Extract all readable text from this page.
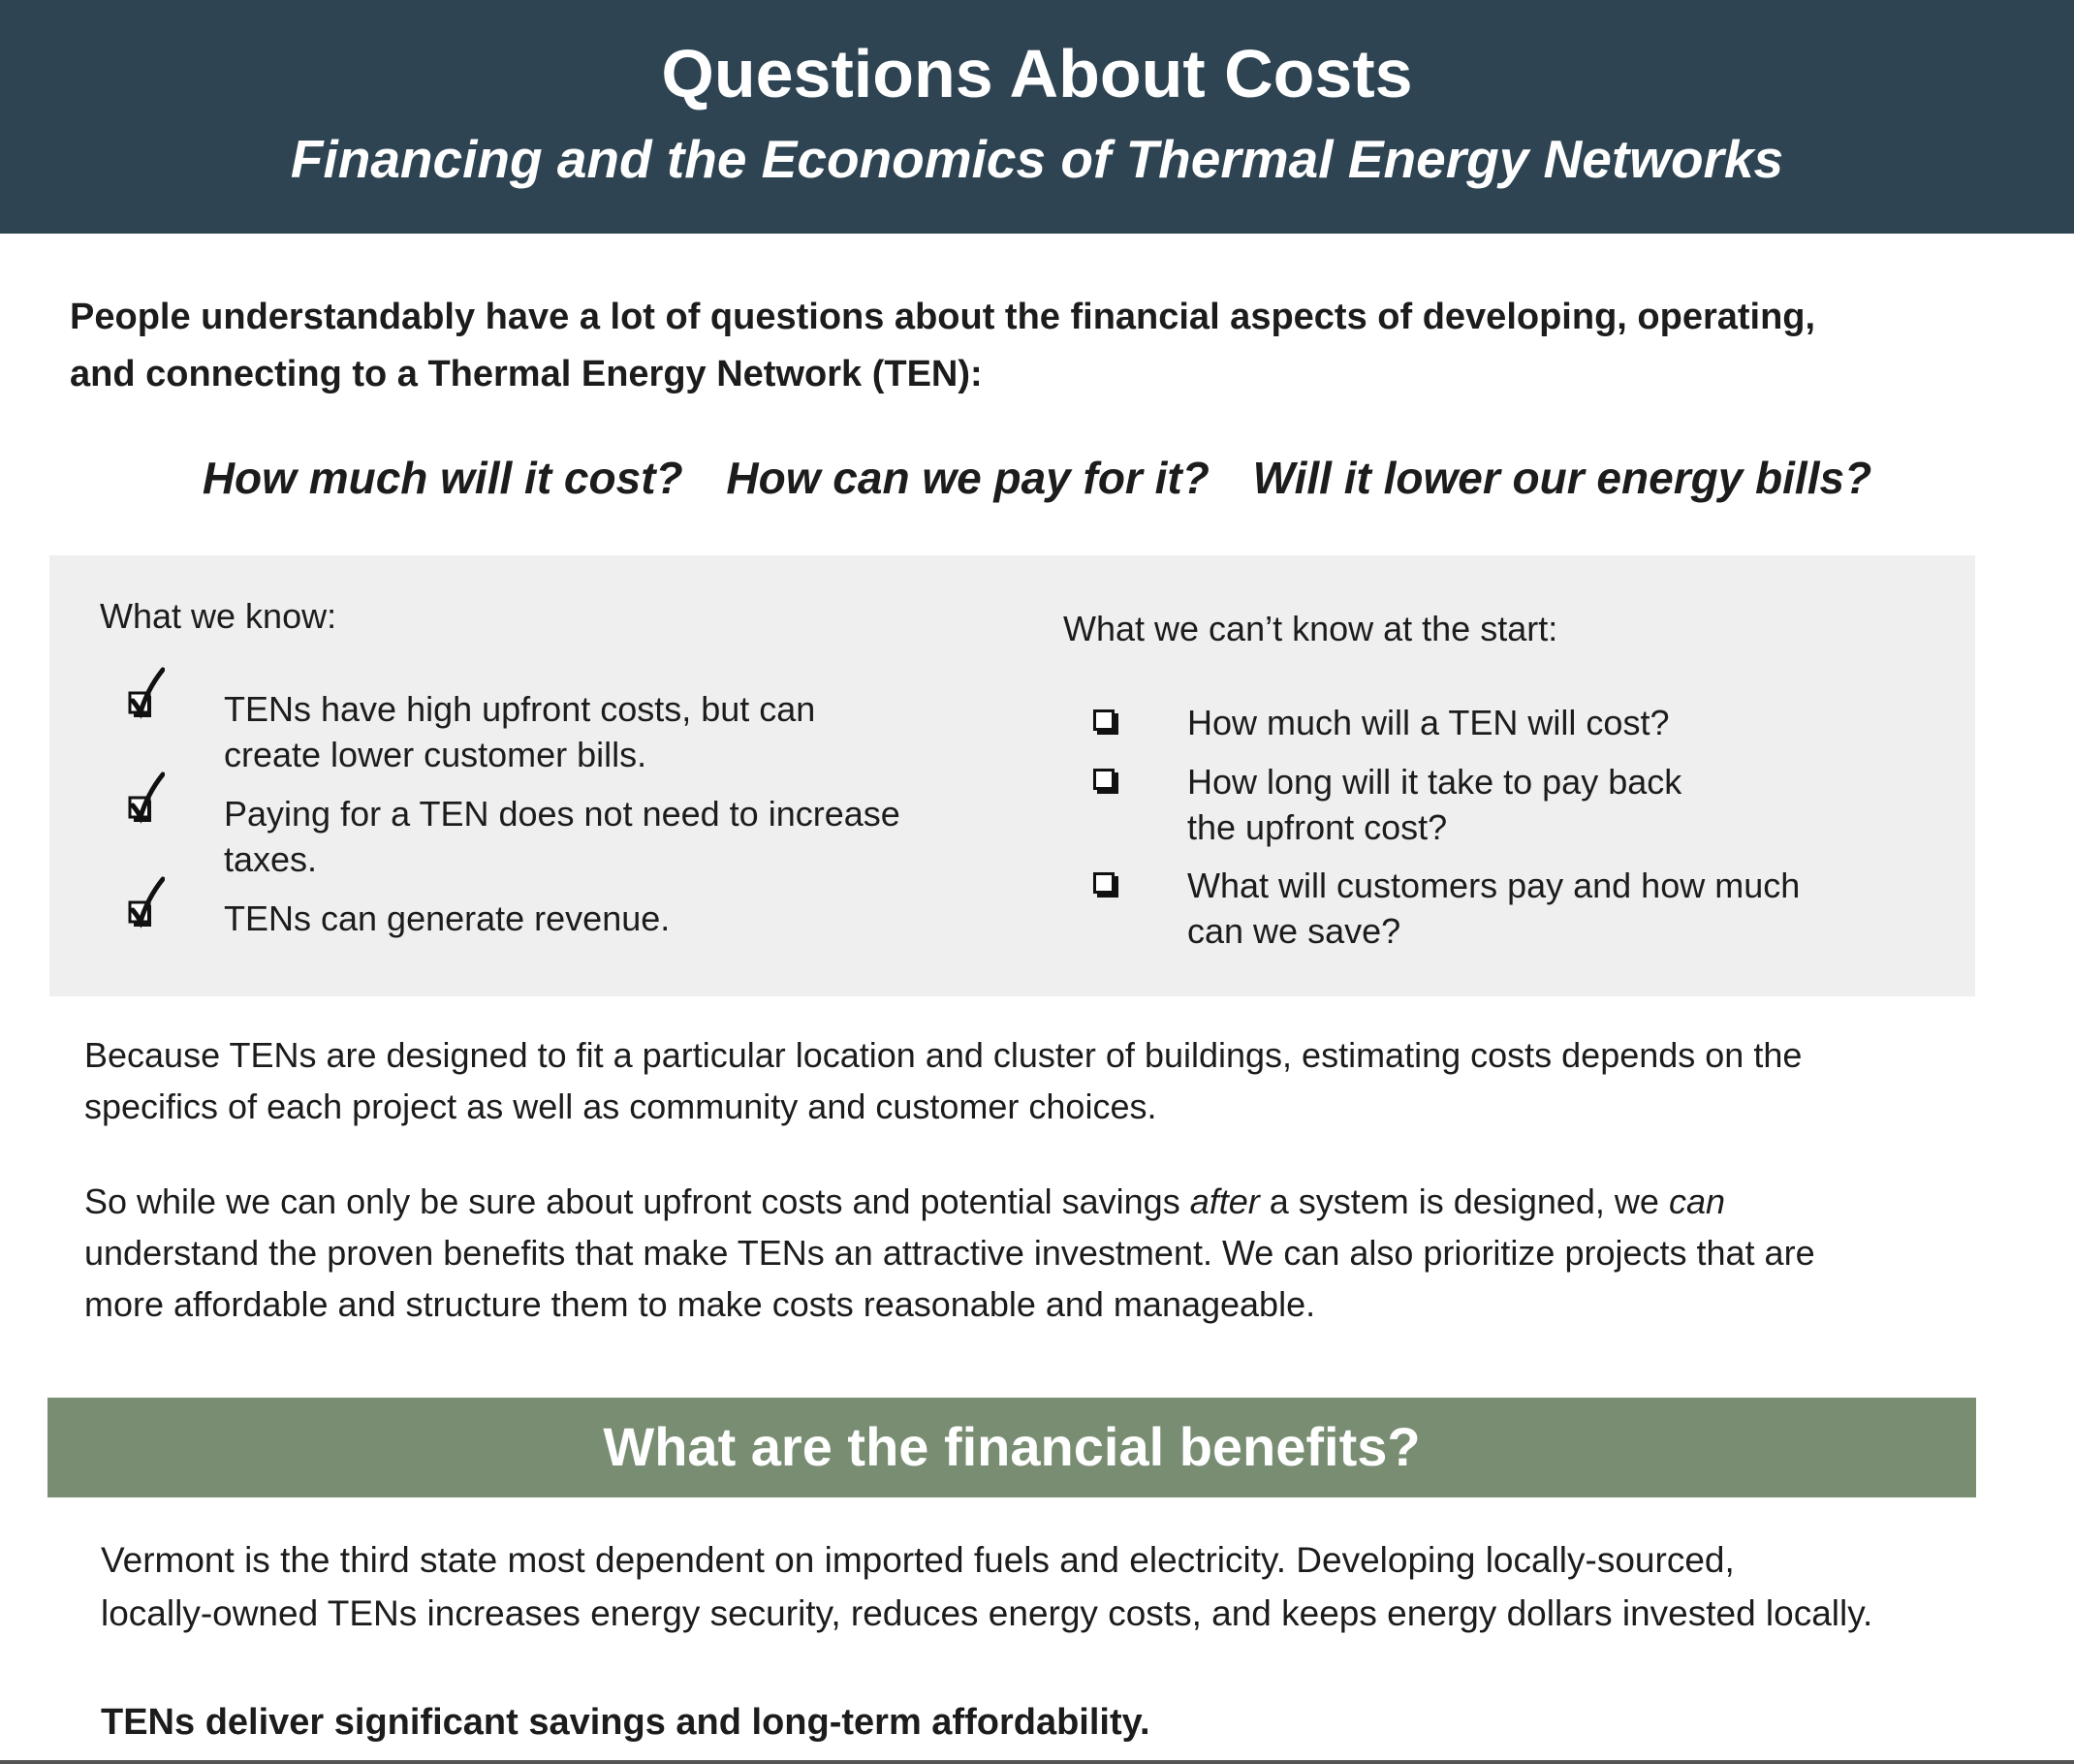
Questions About Costs
Financing and the Economics of Thermal Energy Networks
People understandably have a lot of questions about the financial aspects of developing, operating,
and connecting to a Thermal Energy Network (TEN):
How much will it cost? How can we pay for it? Will it lower our energy bills?
What we know:
TENs have high upfront costs, but can
create lower customer bills.
Paying for a TEN does not need to increase
taxes.
TENs can generate revenue.
What we can’t know at the start:
How much will a TEN will cost?
How long will it take to pay back
the upfront cost?
What will customers pay and how much
can we save?
Because TENs are designed to fit a particular location and cluster of buildings, estimating costs depends on the
specifics of each project as well as community and customer choices.
So while we can only be sure about upfront costs and potential savings after a system is designed, we can
understand the proven benefits that make TENs an attractive investment. We can also prioritize projects that are
more affordable and structure them to make costs reasonable and manageable.
What are the financial benefits?
Vermont is the third state most dependent on imported fuels and electricity. Developing locally-sourced,
locally-owned TENs increases energy security, reduces energy costs, and keeps energy dollars invested locally.
TENs deliver significant savings and long-term affordability.
